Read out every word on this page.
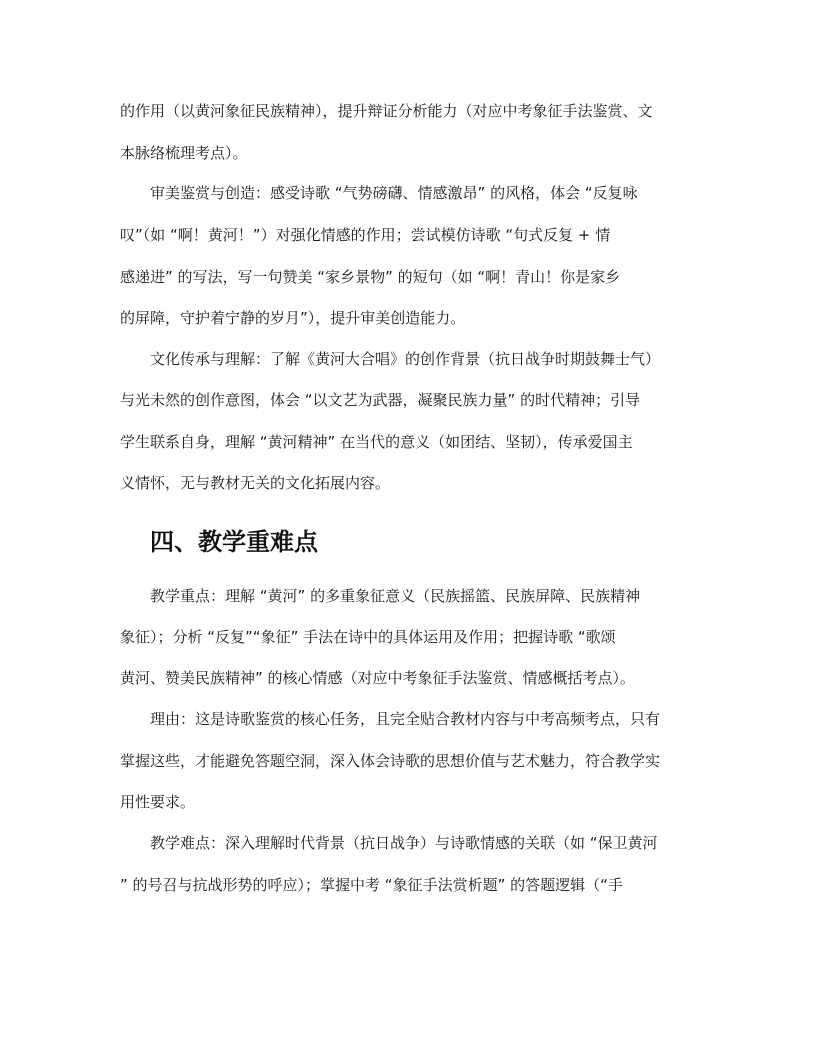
的作用（以黄河象征民族精神），提升辩证分析能力（对应中考象征手法鉴赏、文
本脉络梳理考点）。
审美鉴赏与创造：感受诗歌 “气势磅礴、情感激昂” 的风格，体会 “反复咏
叹”（如 “啊！黄河！”）对强化情感的作用；尝试模仿诗歌 “句式反复 + 情
感递进” 的写法，写一句赞美 “家乡景物” 的短句（如 “啊！青山！你是家乡
的屏障，守护着宁静的岁月”），提升审美创造能力。
文化传承与理解：了解《黄河大合唱》的创作背景（抗日战争时期鼓舞士气）
与光未然的创作意图，体会 “以文艺为武器，凝聚民族力量” 的时代精神；引导
学生联系自身，理解 “黄河精神” 在当代的意义（如团结、坚韧），传承爱国主
义情怀，无与教材无关的文化拓展内容。
四、教学重难点
教学重点：理解 “黄河” 的多重象征意义（民族摇篮、民族屏障、民族精神
象征）；分析 “反复”“象征” 手法在诗中的具体运用及作用；把握诗歌 “歌颂
黄河、赞美民族精神” 的核心情感（对应中考象征手法鉴赏、情感概括考点）。
理由：这是诗歌鉴赏的核心任务，且完全贴合教材内容与中考高频考点，只有
掌握这些，才能避免答题空洞，深入体会诗歌的思想价值与艺术魅力，符合教学实
用性要求。
教学难点：深入理解时代背景（抗日战争）与诗歌情感的关联（如 “保卫黄河
” 的号召与抗战形势的呼应）；掌握中考 “象征手法赏析题” 的答题逻辑（“手
